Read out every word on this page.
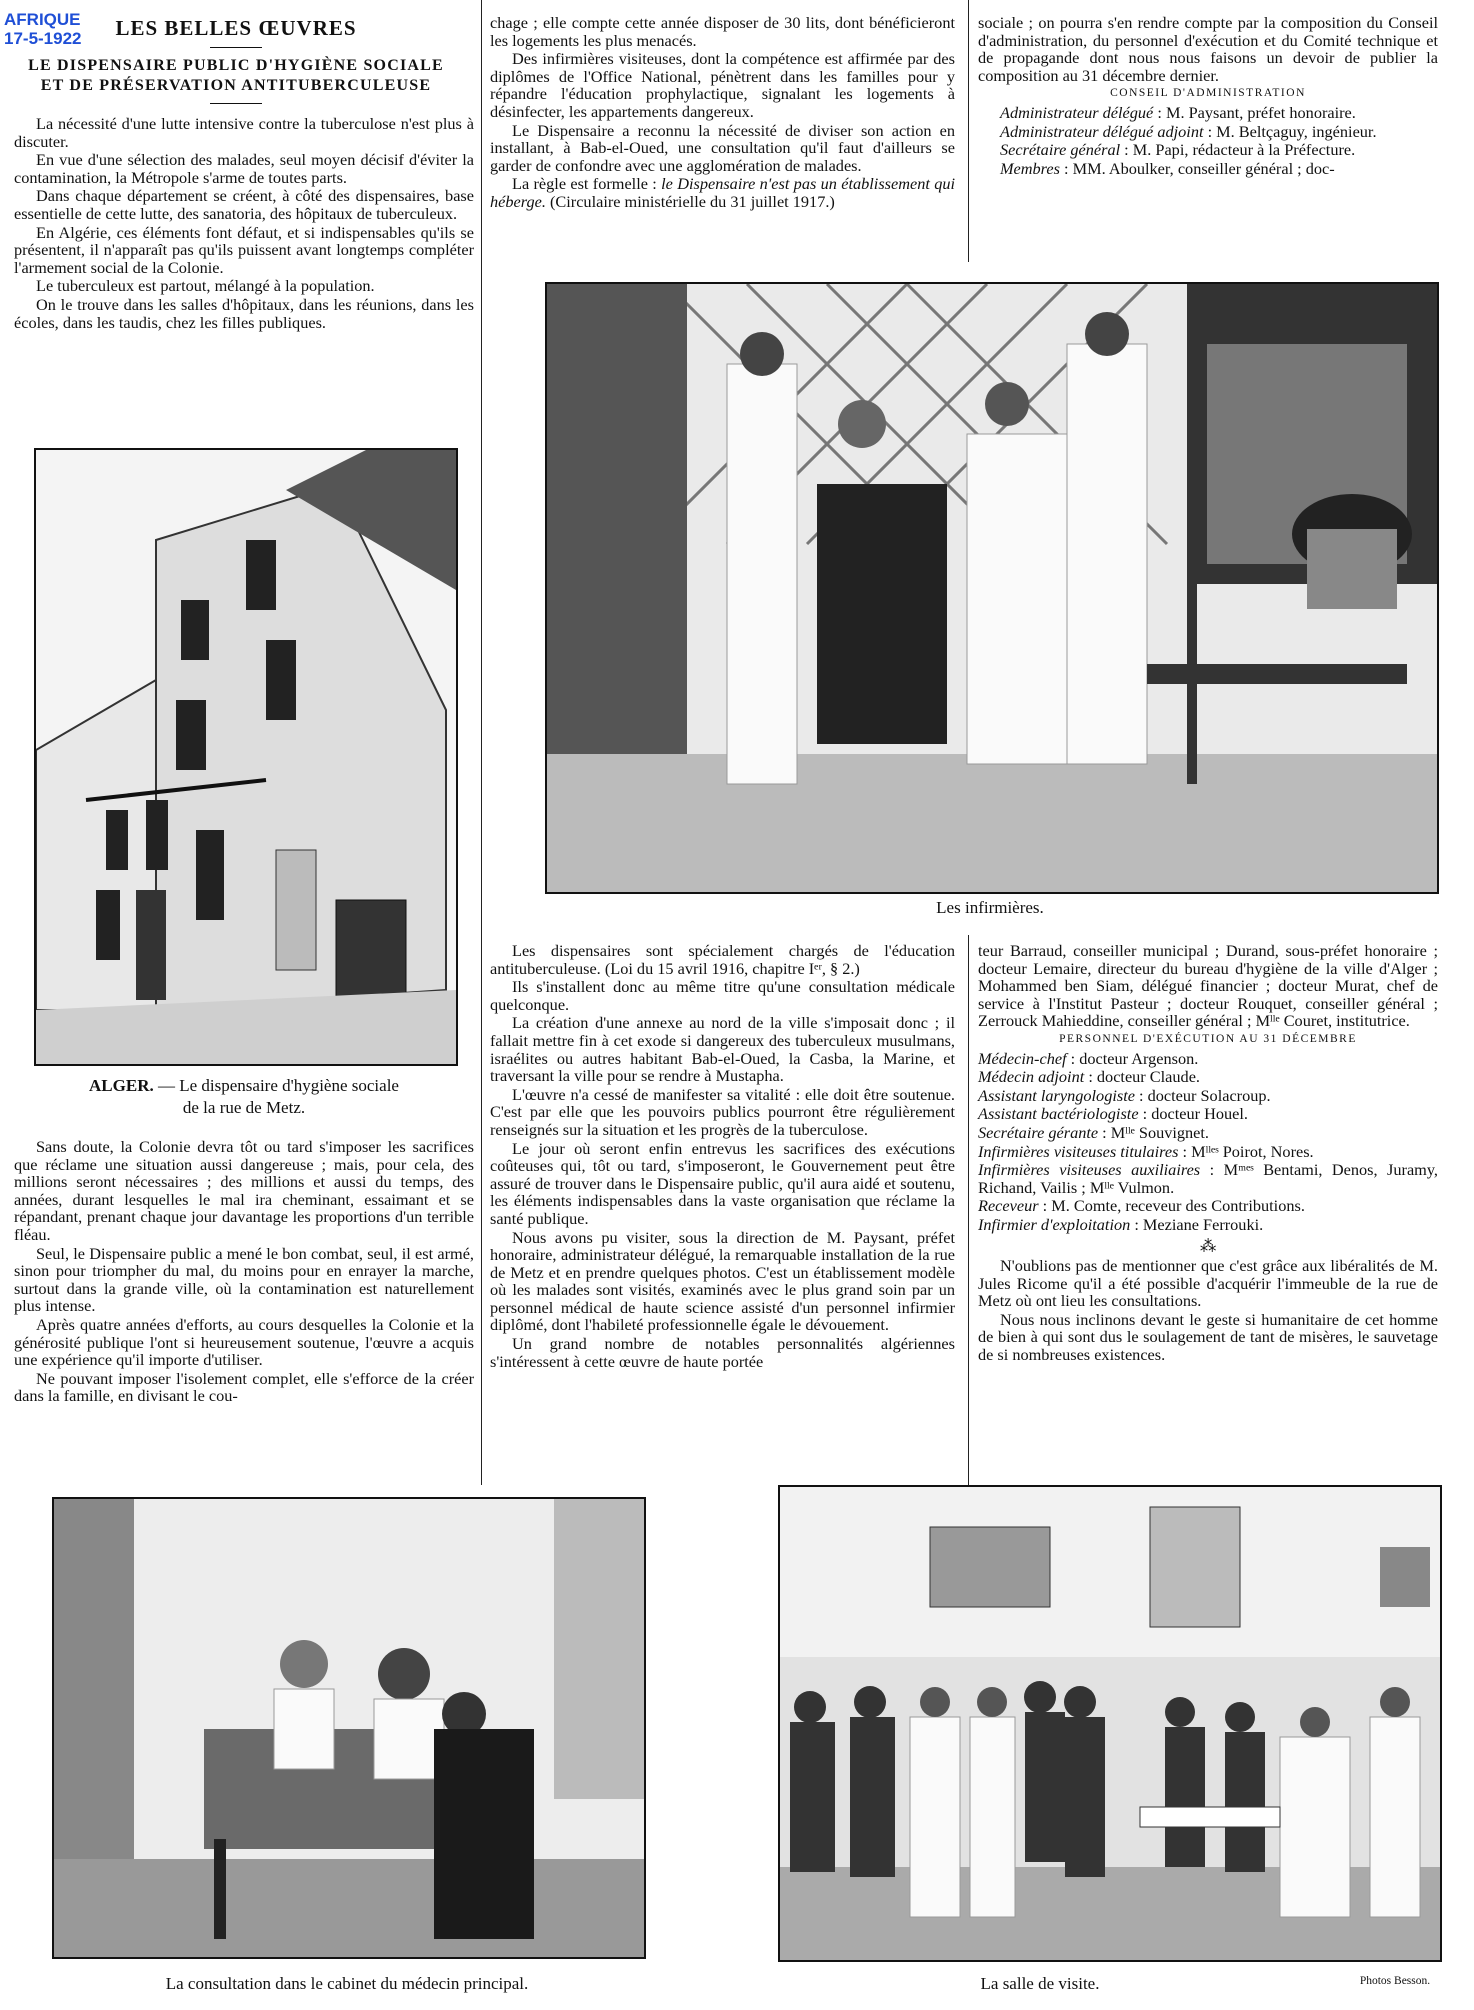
AFRIQUE
17-5-1922	LES BELLES ŒUVRES
LE DISPENSAIRE PUBLIC D'HYGIÈNE SOCIALE
ET DE PRÉSERVATION ANTITUBERCULEUSE

La nécessité d'une lutte intensive contre la tuberculose n'est plus à discuter.

En vue d'une sélection des malades, seul moyen décisif d'éviter la contamination, la Métropole s'arme de toutes parts.

Dans chaque département se créent, à côté des dispensaires, base essentielle de cette lutte, des sanatoria, des hôpitaux de tuberculeux.

En Algérie, ces éléments font défaut, et si indispensables qu'ils se présentent, il n'apparaît pas qu'ils puissent avant longtemps compléter l'armement social de la Colonie.

Le tuberculeux est partout, mélangé à la population.

On le trouve dans les salles d'hôpitaux, dans les réunions, dans les écoles, dans les taudis, chez les filles publiques.

ALGER. — Le dispensaire d'hygiène sociale
de la rue de Metz.

Sans doute, la Colonie devra tôt ou tard s'imposer les sacrifices que réclame une situation aussi dangereuse ; mais, pour cela, des millions seront nécessaires ; des millions et aussi du temps, des années, durant lesquelles le mal ira cheminant, essaimant et se répandant, prenant chaque jour davantage les proportions d'un terrible fléau.

Seul, le Dispensaire public a mené le bon combat, seul, il est armé, sinon pour triompher du mal, du moins pour en enrayer la marche, surtout dans la grande ville, où la contamination est naturellement plus intense.

Après quatre années d'efforts, au cours desquelles la Colonie et la générosité publique l'ont si heureusement soutenue, l'œuvre a acquis une expérience qu'il importe d'utiliser.

Ne pouvant imposer l'isolement complet, elle s'efforce de la créer dans la famille, en divisant le cou-

chage ; elle compte cette année disposer de 30 lits, dont bénéficieront les logements les plus menacés.

Des infirmières visiteuses, dont la compétence est affirmée par des diplômes de l'Office National, pénètrent dans les familles pour y répandre l'éducation prophylactique, signalant les logements à désinfecter, les appartements dangereux.

Le Dispensaire a reconnu la nécessité de diviser son action en installant, à Bab-el-Oued, une consultation qu'il faut d'ailleurs se garder de confondre avec une agglomération de malades.

La règle est formelle : le Dispensaire n'est pas un établissement qui héberge. (Circulaire ministérielle du 31 juillet 1917.)

sociale ; on pourra s'en rendre compte par la composition du Conseil d'administration, du personnel d'exécution et du Comité technique et de propagande dont nous nous faisons un devoir de publier la composition au 31 décembre dernier.

CONSEIL D'ADMINISTRATION

Administrateur délégué : M. Paysant, préfet honoraire.

Administrateur délégué adjoint : M. Beltçaguy, ingénieur.

Secrétaire général : M. Papi, rédacteur à la Préfecture.

Membres : MM. Aboulker, conseiller général ; doc-

Les infirmières.

Les dispensaires sont spécialement chargés de l'éducation antituberculeuse. (Loi du 15 avril 1916, chapitre Iᵉʳ, § 2.)

Ils s'installent donc au même titre qu'une consultation médicale quelconque.

La création d'une annexe au nord de la ville s'imposait donc ; il fallait mettre fin à cet exode si dangereux des tuberculeux musulmans, israélites ou autres habitant Bab-el-Oued, la Casba, la Marine, et traversant la ville pour se rendre à Mustapha.

L'œuvre n'a cessé de manifester sa vitalité : elle doit être soutenue. C'est par elle que les pouvoirs publics pourront être régulièrement renseignés sur la situation et les progrès de la tuberculose.

Le jour où seront enfin entrevus les sacrifices des exécutions coûteuses qui, tôt ou tard, s'imposeront, le Gouvernement peut être assuré de trouver dans le Dispensaire public, qu'il aura aidé et soutenu, les éléments indispensables dans la vaste organisation que réclame la santé publique.

Nous avons pu visiter, sous la direction de M. Paysant, préfet honoraire, administrateur délégué, la remarquable installation de la rue de Metz et en prendre quelques photos. C'est un établissement modèle où les malades sont visités, examinés avec le plus grand soin par un personnel médical de haute science assisté d'un personnel infirmier diplômé, dont l'habileté professionnelle égale le dévouement.

Un grand nombre de notables personnalités algériennes s'intéressent à cette œuvre de haute portée

teur Barraud, conseiller municipal ; Durand, sous-préfet honoraire ; docteur Lemaire, directeur du bureau d'hygiène de la ville d'Alger ; Mohammed ben Siam, délégué financier ; docteur Murat, chef de service à l'Institut Pasteur ; docteur Rouquet, conseiller général ; Zerrouck Mahieddine, conseiller général ; Mˡˡᵉ Couret, institutrice.

PERSONNEL D'EXÉCUTION AU 31 DÉCEMBRE

Médecin-chef : docteur Argenson.

Médecin adjoint : docteur Claude.

Assistant laryngologiste : docteur Solacroup.

Assistant bactériologiste : docteur Houel.

Secrétaire gérante : Mˡˡᵉ Souvignet.

Infirmières visiteuses titulaires : Mˡˡᵉˢ Poirot, Nores.

Infirmières visiteuses auxiliaires : Mᵐᵉˢ Bentami, Denos, Juramy, Richand, Vailis ; Mˡˡᵉ Vulmon.

Receveur : M. Comte, receveur des Contributions.

Infirmier d'exploitation : Meziane Ferrouki.

⁂

N'oublions pas de mentionner que c'est grâce aux libéralités de M. Jules Ricome qu'il a été possible d'acquérir l'immeuble de la rue de Metz où ont lieu les consultations.

Nous nous inclinons devant le geste si humanitaire de cet homme de bien à qui sont dus le soulagement de tant de misères, le sauvetage de si nombreuses existences.

La consultation dans le cabinet du médecin principal.	La salle de visite.	Photos Besson.
